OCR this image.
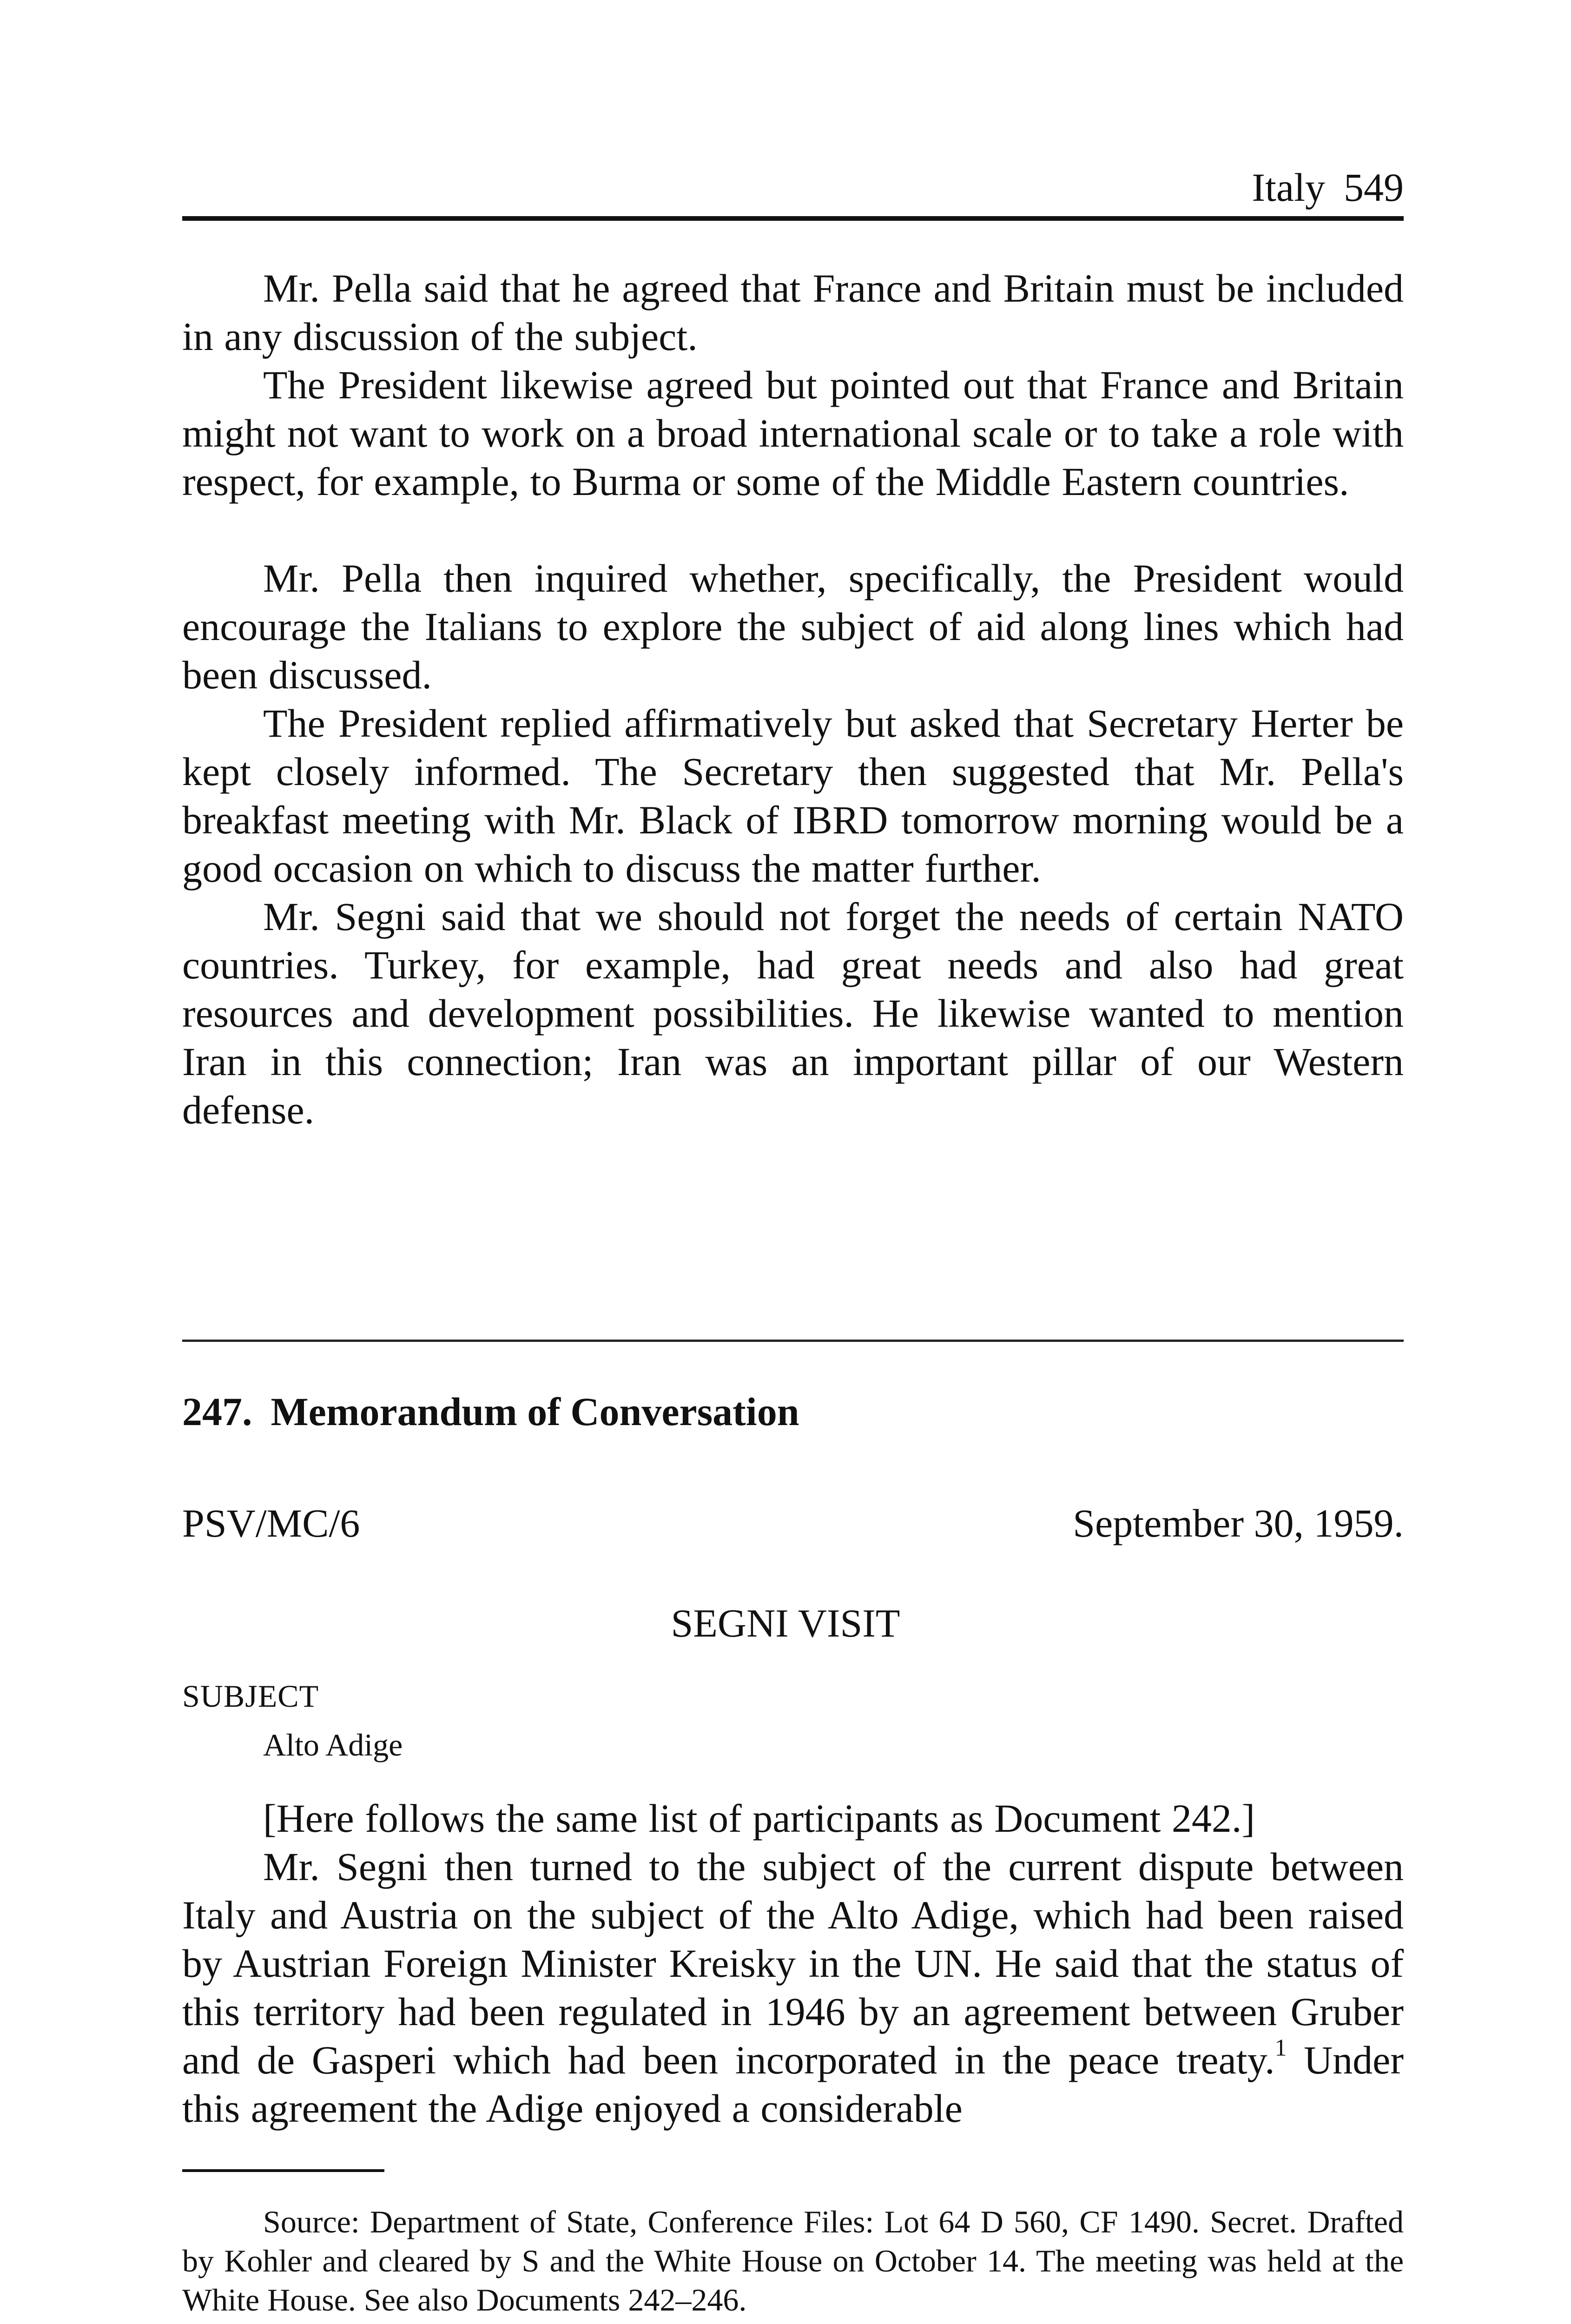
Italy 549

Mr. Pella said that he agreed that France and Britain must be included in any discussion of the subject.

The President likewise agreed but pointed out that France and Britain might not want to work on a broad international scale or to take a role with respect, for example, to Burma or some of the Middle Eastern countries.

Mr. Pella then inquired whether, specifically, the President would encourage the Italians to explore the subject of aid along lines which had been discussed.

The President replied affirmatively but asked that Secretary Herter be kept closely informed. The Secretary then suggested that Mr. Pella's breakfast meeting with Mr. Black of IBRD tomorrow morning would be a good occasion on which to discuss the matter further.

Mr. Segni said that we should not forget the needs of certain NATO countries. Turkey, for example, had great needs and also had great resources and development possibilities. He likewise wanted to mention Iran in this connection; Iran was an important pillar of our Western defense.

247. Memorandum of Conversation
PSV/MC/6	September 30, 1959.
SEGNI VISIT
SUBJECT
Alto Adige

[Here follows the same list of participants as Document 242.]

Mr. Segni then turned to the subject of the current dispute between Italy and Austria on the subject of the Alto Adige, which had been raised by Austrian Foreign Minister Kreisky in the UN. He said that the status of this territory had been regulated in 1946 by an agreement between Gruber and de Gasperi which had been incorporated in the peace treaty.$^1$ Under this agreement the Adige enjoyed a considerable

Source: Department of State, Conference Files: Lot 64 D 560, CF 1490. Secret. Drafted by Kohler and cleared by S and the White House on October 14. The meeting was held at the White House. See also Documents 242–246.
